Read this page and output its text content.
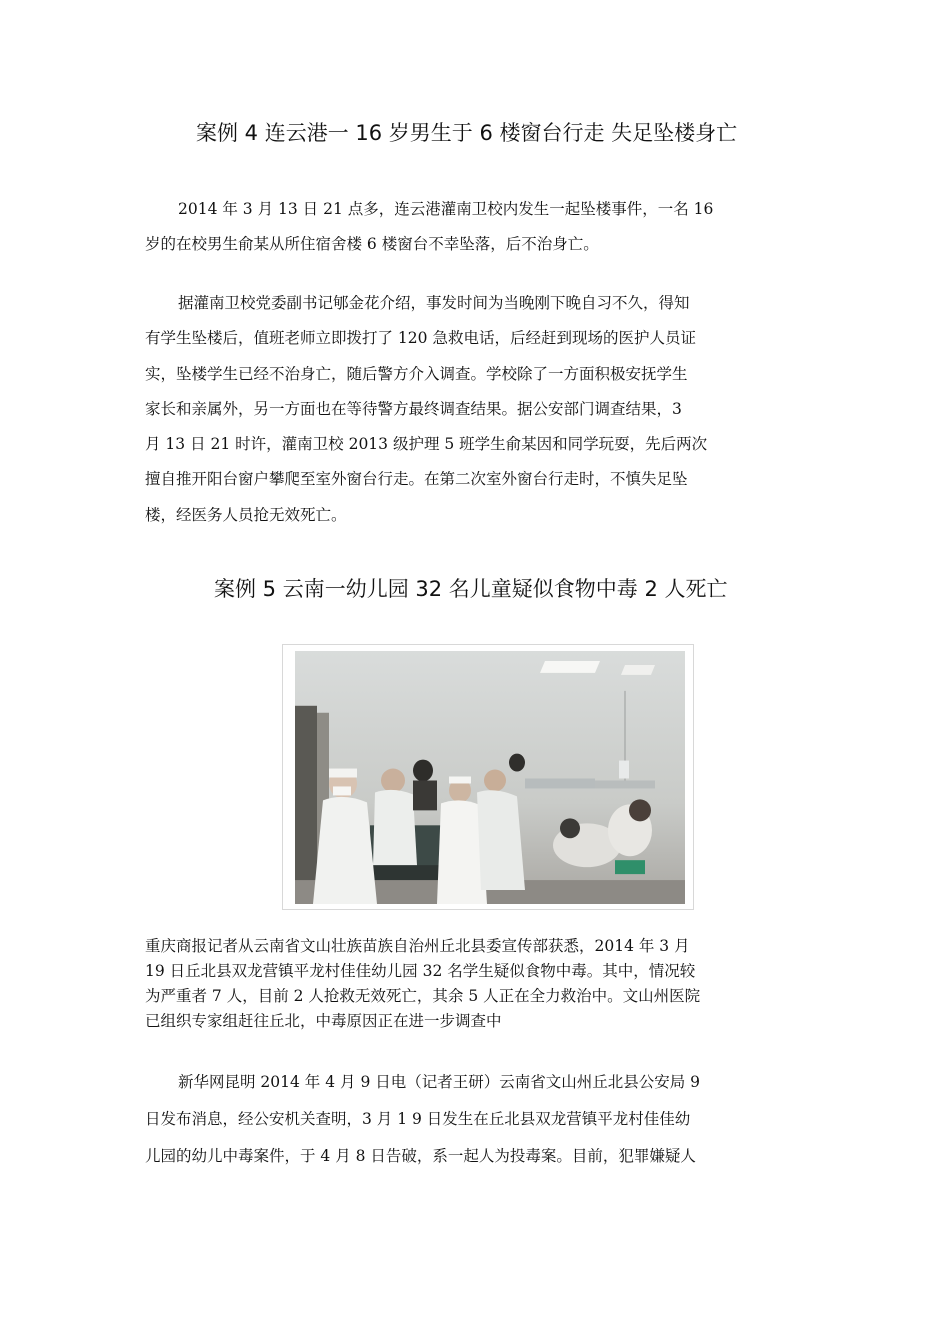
案例 4 连云港一 16 岁男生于 6 楼窗台行走 失足坠楼身亡
2014 年 3 月 13 日 21 点多，连云港灌南卫校内发生一起坠楼事件，一名 16
岁的在校男生俞某从所住宿舍楼 6 楼窗台不幸坠落，后不治身亡。
据灌南卫校党委副书记郇金花介绍，事发时间为当晚刚下晚自习不久，得知
有学生坠楼后，值班老师立即拨打了 120 急救电话，后经赶到现场的医护人员证
实，坠楼学生已经不治身亡，随后警方介入调查。学校除了一方面积极安抚学生
家长和亲属外，另一方面也在等待警方最终调查结果。据公安部门调查结果，3
月 13 日 21 时许，灌南卫校 2013 级护理 5 班学生俞某因和同学玩耍，先后两次
擅自推开阳台窗户攀爬至室外窗台行走。在第二次室外窗台行走时，不慎失足坠
楼，经医务人员抢无效死亡。
案例 5 云南一幼儿园 32 名儿童疑似食物中毒 2 人死亡
重庆商报记者从云南省文山壮族苗族自治州丘北县委宣传部获悉，2014 年 3 月
19 日丘北县双龙营镇平龙村佳佳幼儿园 32 名学生疑似食物中毒。其中，情况较
为严重者 7 人，目前 2 人抢救无效死亡，其余 5 人正在全力救治中。文山州医院
已组织专家组赶往丘北，中毒原因正在进一步调查中
新华网昆明 2014 年 4 月 9 日电（记者王研）云南省文山州丘北县公安局 9
日发布消息，经公安机关查明，3 月 1 9 日发生在丘北县双龙营镇平龙村佳佳幼
儿园的幼儿中毒案件，于 4 月 8 日告破，系一起人为投毒案。目前，犯罪嫌疑人
